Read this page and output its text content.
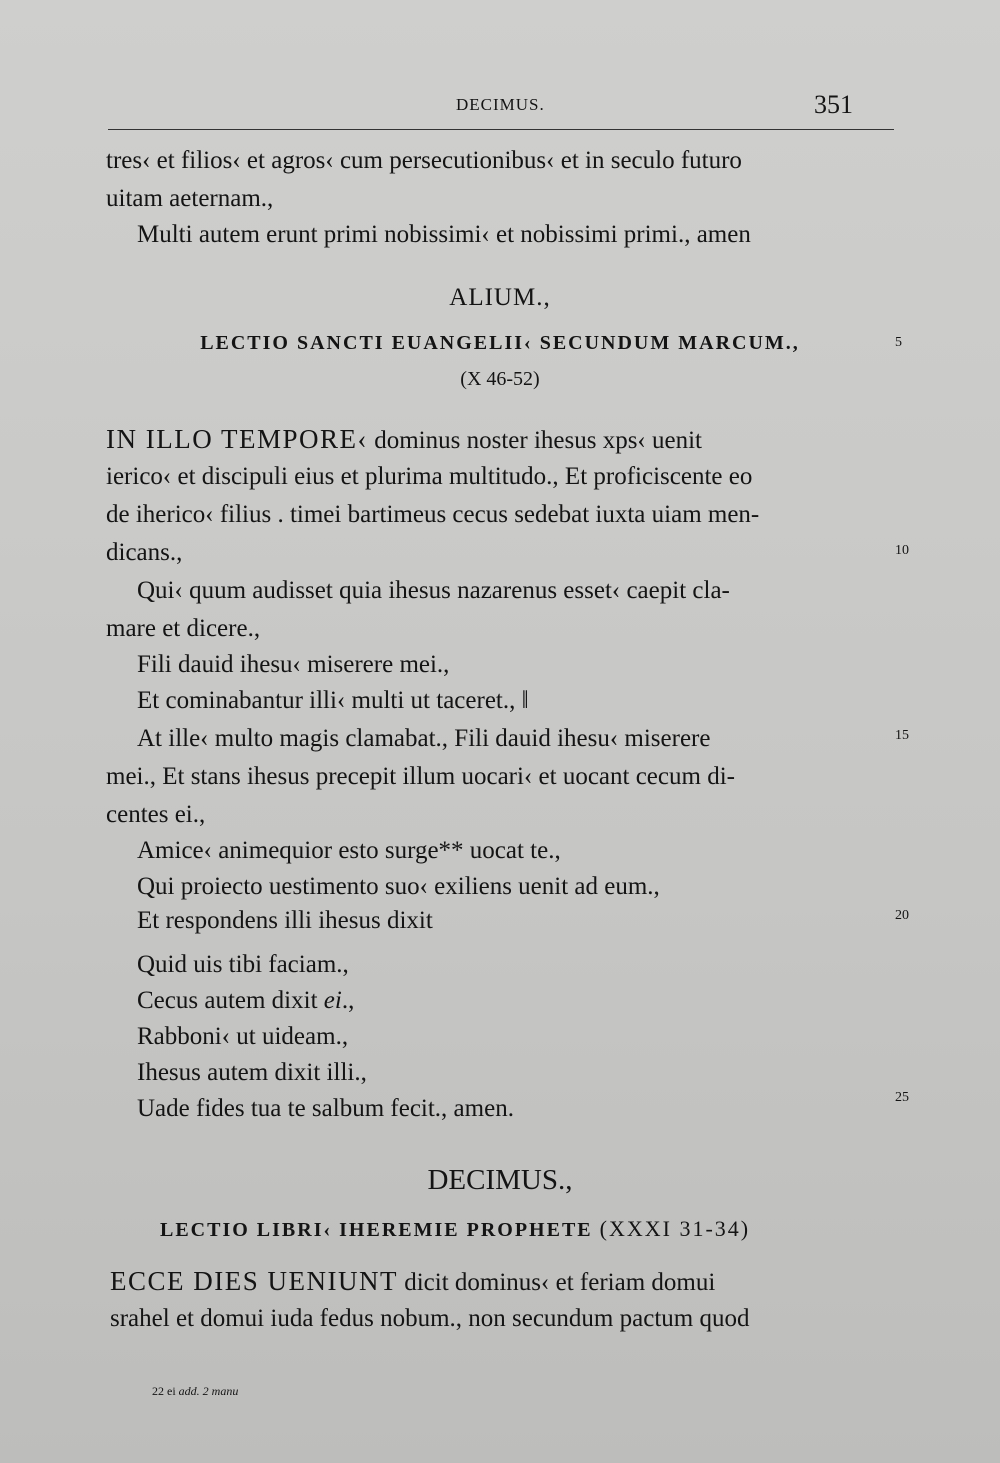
DECIMUS.	351
tres‹ et filios‹ et agros‹ cum persecutionibus‹ et in seculo futuro
uitam aeternam.,
Multi autem erunt primi nobissimi‹ et nobissimi primi., amen
ALIUM.,
LECTIO SANCTI EUANGELII‹ SECUNDUM MARCUM.,	5
(X 46-52)
IN ILLO TEMPORE‹ dominus noster ihesus xps‹ uenit
ierico‹ et discipuli eius et plurima multitudo., Et proficiscente eo
de iherico‹ filius . timei bartimeus cecus sedebat iuxta uiam men-
dicans.,	10
Qui‹ quum audisset quia ihesus nazarenus esset‹ caepit cla-
mare et dicere.,
Fili dauid ihesu‹ miserere mei.,
Et cominabantur illi‹ multi ut taceret., ‖
At ille‹ multo magis clamabat., Fili dauid ihesu‹ miserere	15
mei., Et stans ihesus precepit illum uocari‹ et uocant cecum di-
centes ei.,
Amice‹ animequior esto surge** uocat te.,
Qui proiecto uestimento suo‹ exiliens uenit ad eum.,
Et respondens illi ihesus dixit	20
Quid uis tibi faciam.,
Cecus autem dixit ei.,
Rabboni‹ ut uideam.,
Ihesus autem dixit illi.,
Uade fides tua te salbum fecit., amen.	25
DECIMUS.,
LECTIO LIBRI‹ IHEREMIE PROPHETE (XXXI 31-34)
ECCE DIES UENIUNT dicit dominus‹ et feriam domui
srahel et domui iuda fedus nobum., non secundum pactum quod
22 ei add. 2 manu
